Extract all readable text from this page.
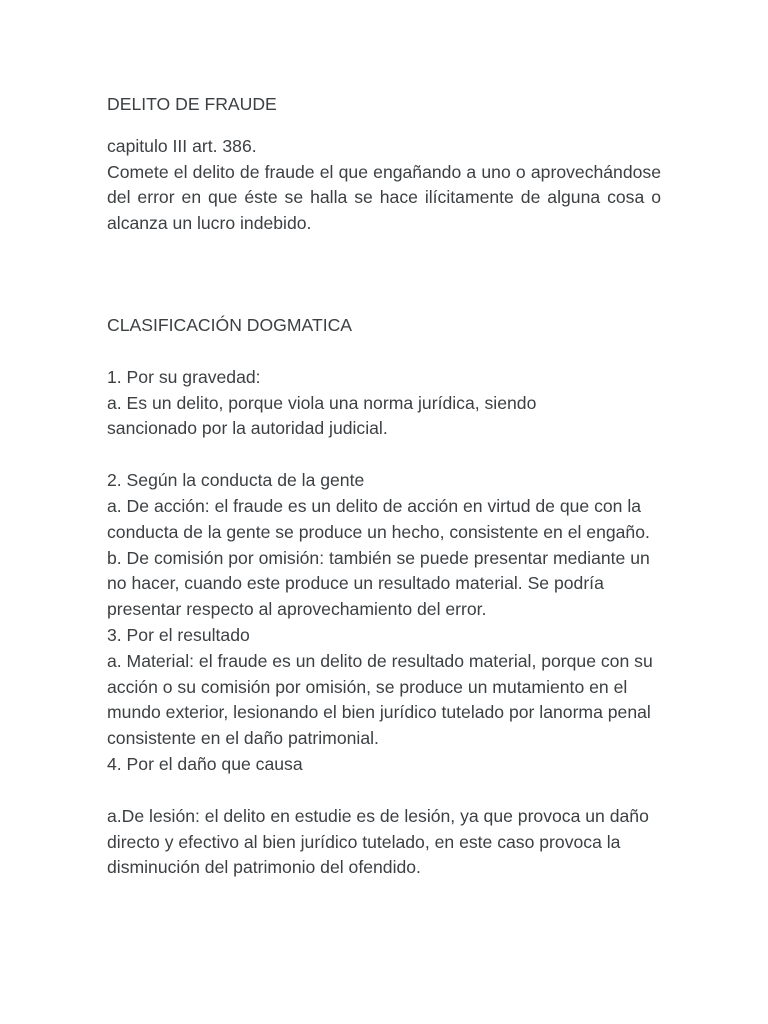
DELITO DE FRAUDE

capitulo III art. 386.

Comete el delito de fraude el que engañando a uno o aprovechándose del error en que éste se halla se hace ilícitamente de alguna cosa o alcanza un lucro indebido.

CLASIFICACIÓN DOGMATICA

1. Por su gravedad:

a. Es un delito, porque viola una norma jurídica, siendo sancionado por la autoridad judicial.

2. Según la conducta de la gente

a. De acción: el fraude es un delito de acción en virtud de que con la conducta de la gente se produce un hecho, consistente en el engaño.

b. De comisión por omisión: también se puede presentar mediante un no hacer, cuando este produce un resultado material. Se podría presentar respecto al aprovechamiento del error.

3. Por el resultado

a. Material: el fraude es un delito de resultado material, porque con su acción o su comisión por omisión, se produce un mutamiento en el mundo exterior, lesionando el bien jurídico tutelado por lanorma penal consistente en el daño patrimonial.

4. Por el daño que causa

a.De lesión: el delito en estudie es de lesión, ya que provoca un daño directo y efectivo al bien jurídico tutelado, en este caso provoca la disminución del patrimonio del ofendido.
